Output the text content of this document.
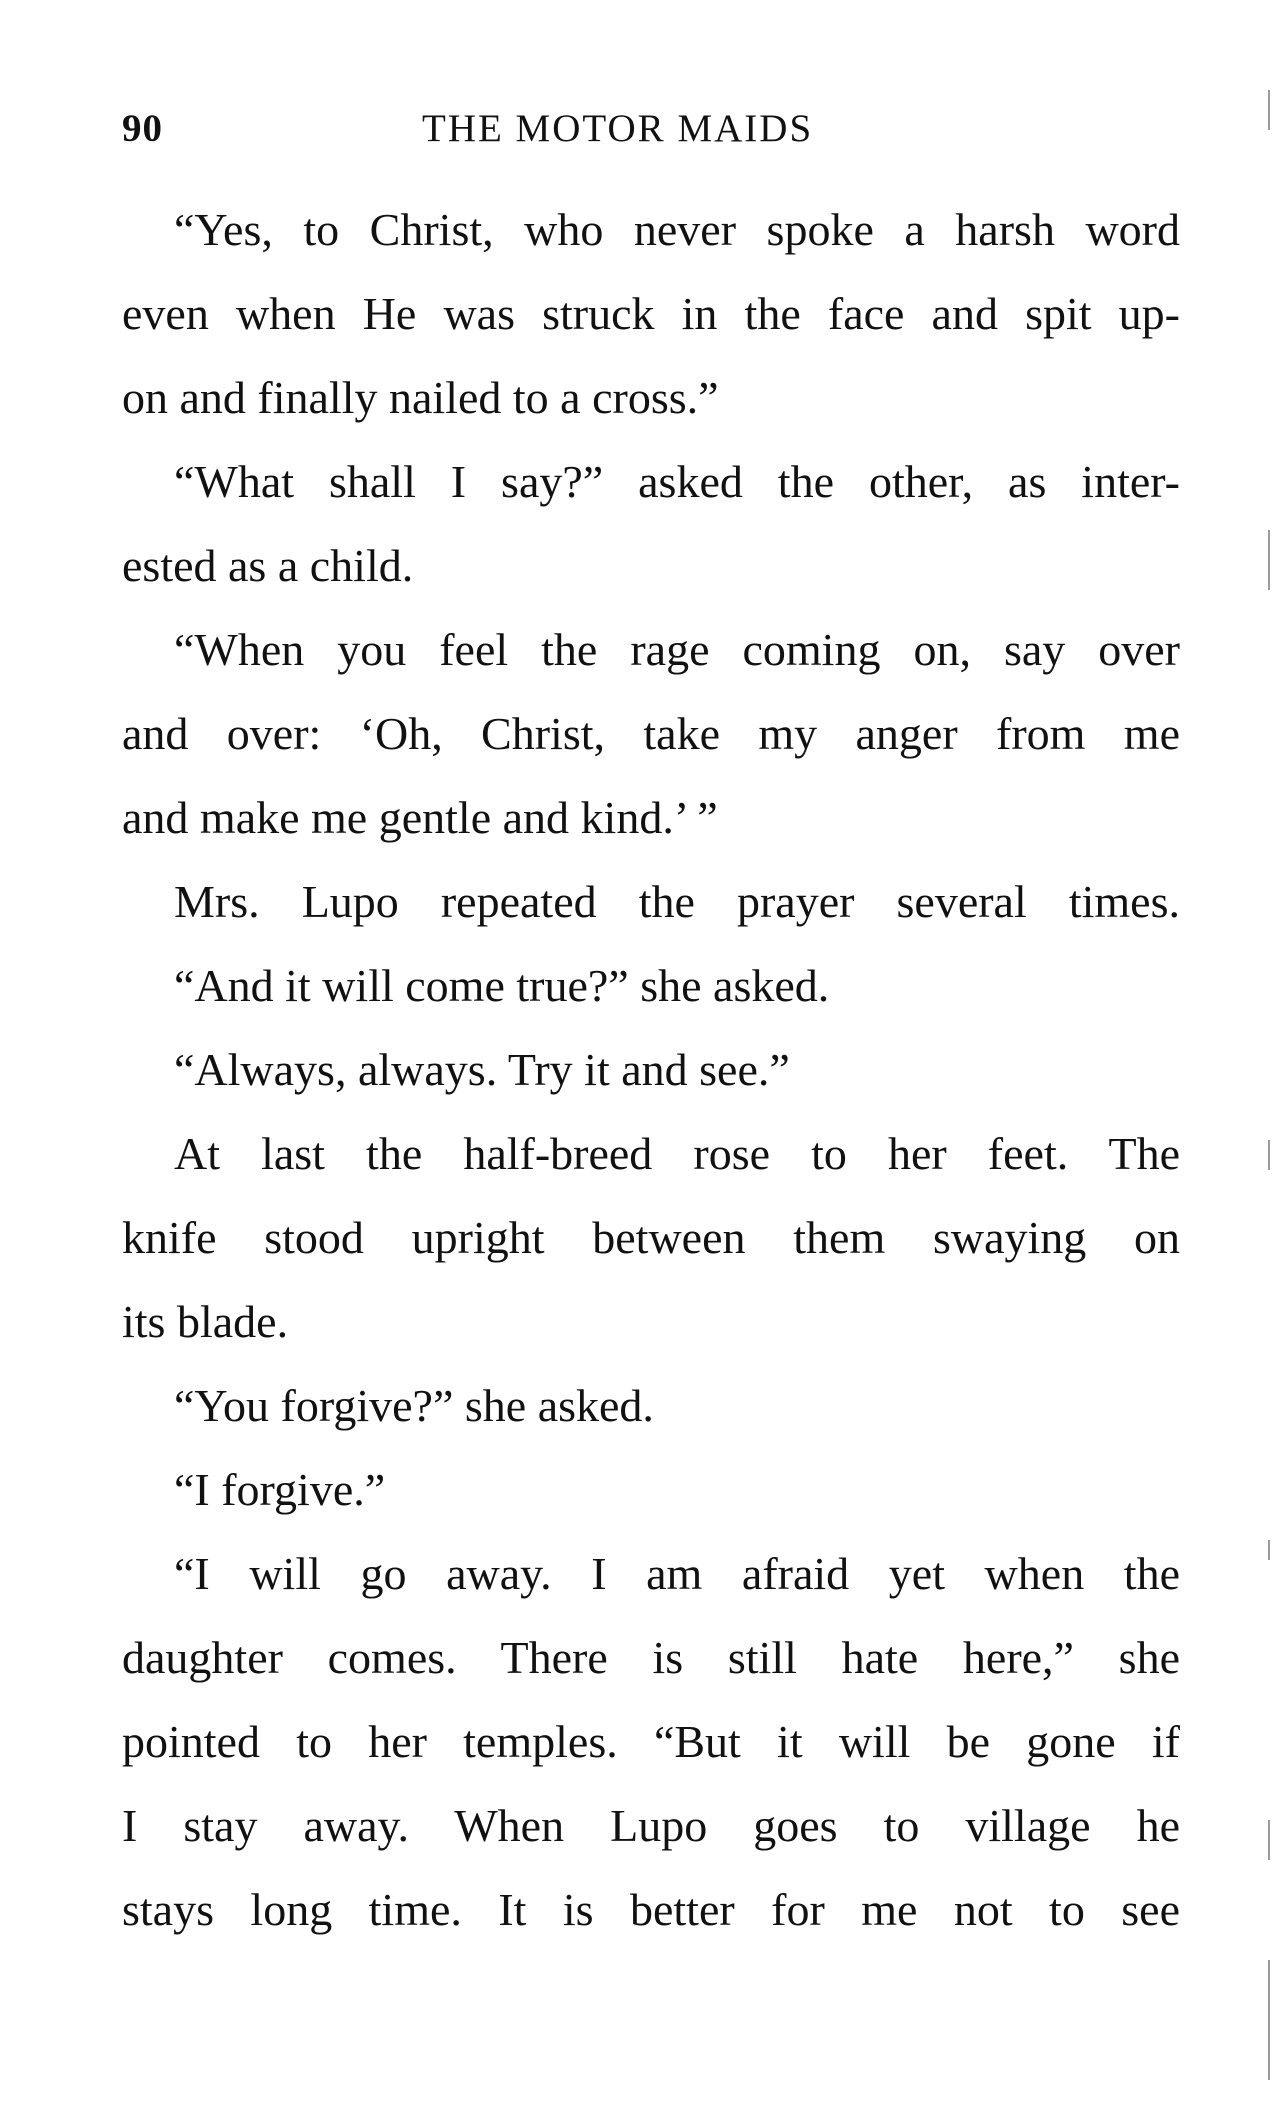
90	THE MOTOR MAIDS
“Yes, to Christ, who never spoke a harsh word
even when He was struck in the face and spit up-
on and finally nailed to a cross.”
“What shall I say?” asked the other, as inter-
ested as a child.
“When you feel the rage coming on, say over
and over: ‘Oh, Christ, take my anger from me
and make me gentle and kind.’ ”
Mrs. Lupo repeated the prayer several times.
“And it will come true?” she asked.
“Always, always. Try it and see.”
At last the half-breed rose to her feet. The
knife stood upright between them swaying on
its blade.
“You forgive?” she asked.
“I forgive.”
“I will go away. I am afraid yet when the
daughter comes. There is still hate here,” she
pointed to her temples. “But it will be gone if
I stay away. When Lupo goes to village he
stays long time. It is better for me not to see
